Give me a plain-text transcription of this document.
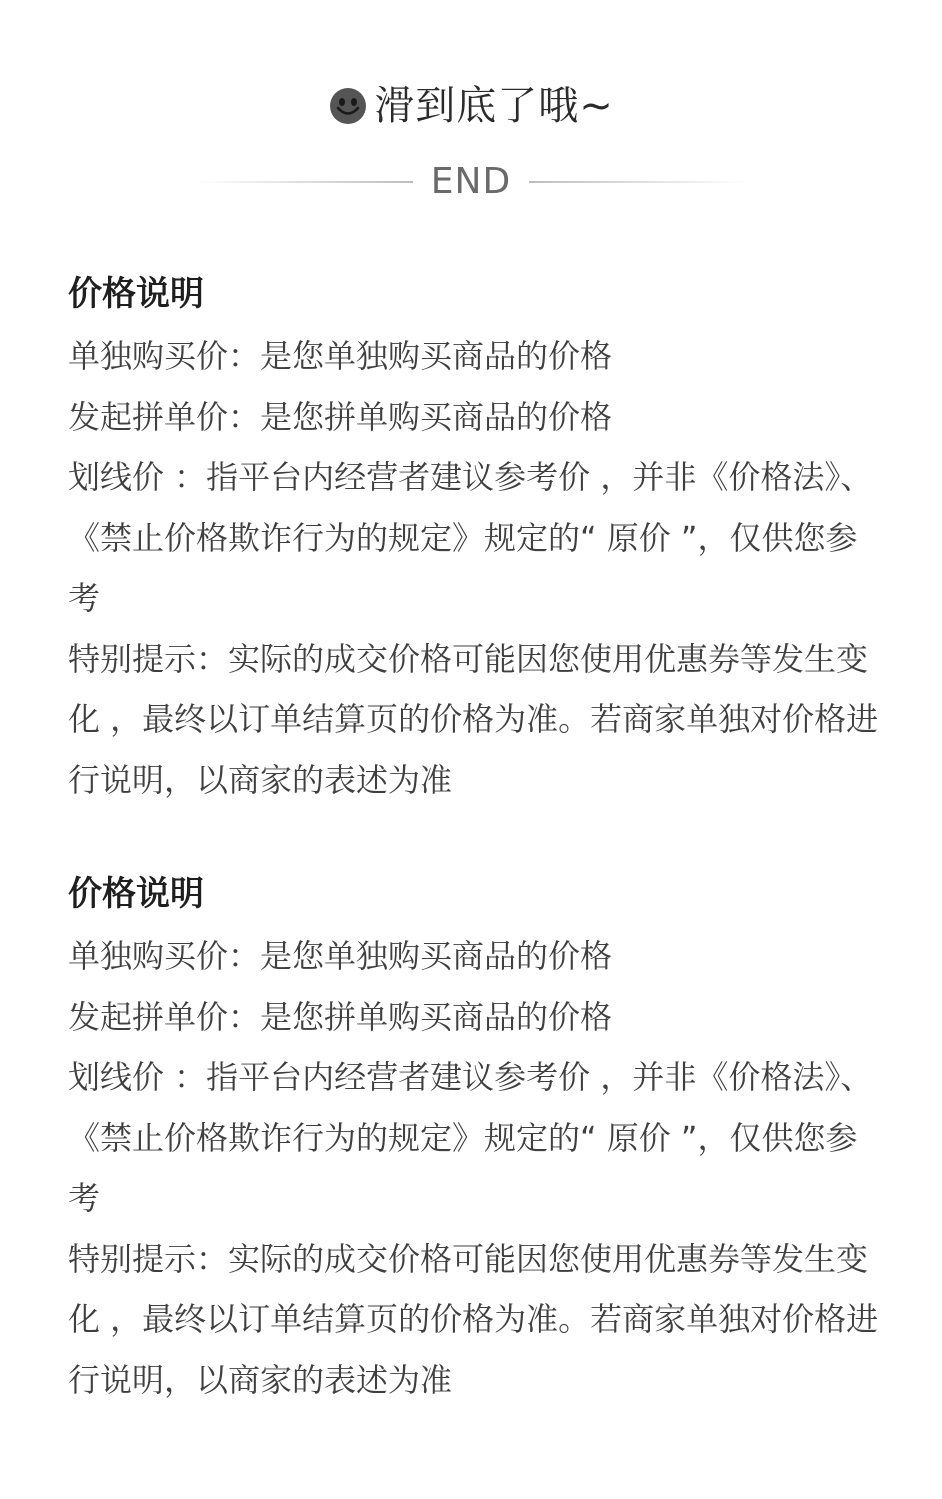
滑到底了哦~
END

价格说明

单独购买价：是您单独购买商品的价格

发起拼单价：是您拼单购买商品的价格

划线价 ：指平台内经营者建议参考价 ，并非《价格法》、《禁止价格欺诈行为的规定》规定的“ 原价 ”，仅供您参考

特别提示：实际的成交价格可能因您使用优惠券等发生变化 ，最终以订单结算页的价格为准。若商家单独对价格进行说明，以商家的表述为准

价格说明

单独购买价：是您单独购买商品的价格

发起拼单价：是您拼单购买商品的价格

划线价 ：指平台内经营者建议参考价 ，并非《价格法》、《禁止价格欺诈行为的规定》规定的“ 原价 ”，仅供您参考

特别提示：实际的成交价格可能因您使用优惠券等发生变化 ，最终以订单结算页的价格为准。若商家单独对价格进行说明，以商家的表述为准
